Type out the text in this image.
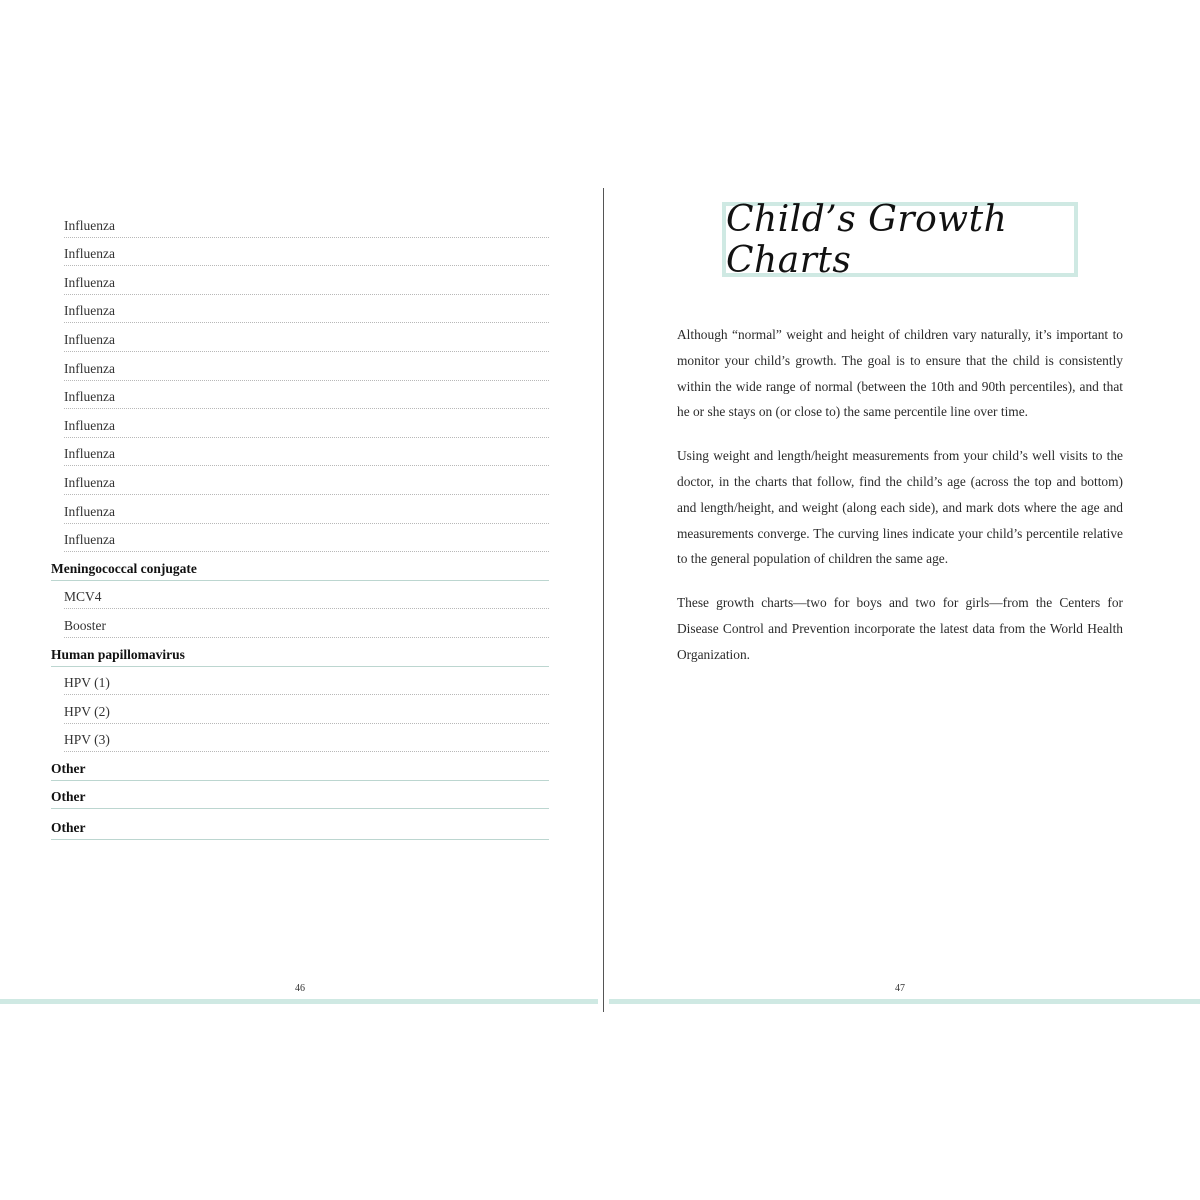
Influenza
Influenza
Influenza
Influenza
Influenza
Influenza
Influenza
Influenza
Influenza
Influenza
Influenza
Influenza
Meningococcal conjugate
MCV4
Booster
Human papillomavirus
HPV (1)
HPV (2)
HPV (3)
Other
Other
Other
46
Child’s Growth Charts

Although “normal” weight and height of children vary naturally, it’s important to monitor your child’s growth. The goal is to ensure that the child is consistently within the wide range of normal (between the 10th and 90th percentiles), and that he or she stays on (or close to) the same percentile line over time.

Using weight and length/height measurements from your child’s well visits to the doctor, in the charts that follow, find the child’s age (across the top and bottom) and length/height, and weight (along each side), and mark dots where the age and measurements converge. The curving lines indicate your child’s percentile relative to the general population of children the same age.

These growth charts—two for boys and two for girls—from the Centers for Disease Control and Prevention incorporate the latest data from the World Health Organization.

47
